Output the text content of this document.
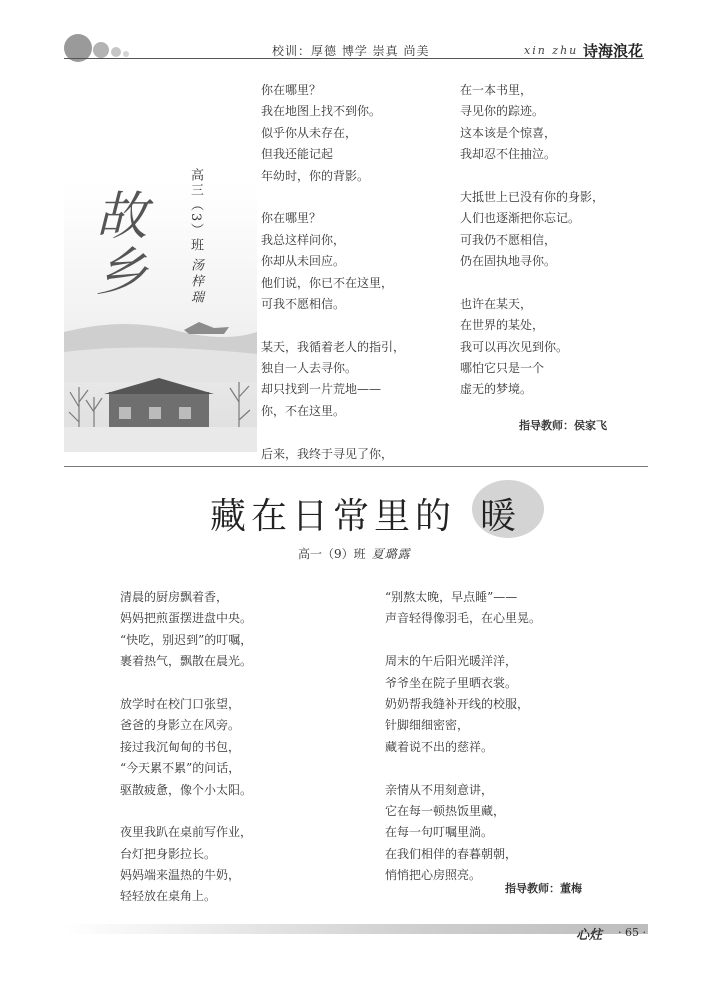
校训：厚德 博学 崇真 尚美	xin zhu 诗海浪花
故乡	高三（3）班
汤梓瑞
你在哪里？
我在地图上找不到你。
似乎你从未存在，
但我还能记起
年幼时，你的背影。
你在哪里？
我总这样问你，
你却从未回应。
他们说，你已不在这里，
可我不愿相信。
某天，我循着老人的指引，
独自一人去寻你。
却只找到一片荒地——
你，不在这里。
后来，我终于寻见了你，
在一本书里，
寻见你的踪迹。
这本该是个惊喜，
我却忍不住抽泣。
大抵世上已没有你的身影，
人们也逐渐把你忘记。
可我仍不愿相信，
仍在固执地寻你。
也许在某天，
在世界的某处，
我可以再次见到你。
哪怕它只是一个
虚无的梦境。
指导教师：侯家飞
藏在日常里的 暖
高一（9）班 夏璐露
清晨的厨房飘着香，
妈妈把煎蛋摆进盘中央。
“快吃，别迟到”的叮嘱，
裹着热气，飘散在晨光。
放学时在校门口张望，
爸爸的身影立在风旁。
接过我沉甸甸的书包，
“今天累不累”的问话，
驱散疲惫，像个小太阳。
夜里我趴在桌前写作业，
台灯把身影拉长。
妈妈端来温热的牛奶，
轻轻放在桌角上。
“别熬太晚，早点睡”——
声音轻得像羽毛，在心里晃。
周末的午后阳光暖洋洋，
爷爷坐在院子里晒衣裳。
奶奶帮我缝补开线的校服，
针脚细细密密，
藏着说不出的慈祥。
亲情从不用刻意讲，
它在每一顿热饭里藏，
在每一句叮嘱里淌。
在我们相伴的春暮朝朝，
悄悄把心房照亮。
指导教师：董梅
心炷 · 65 ·
